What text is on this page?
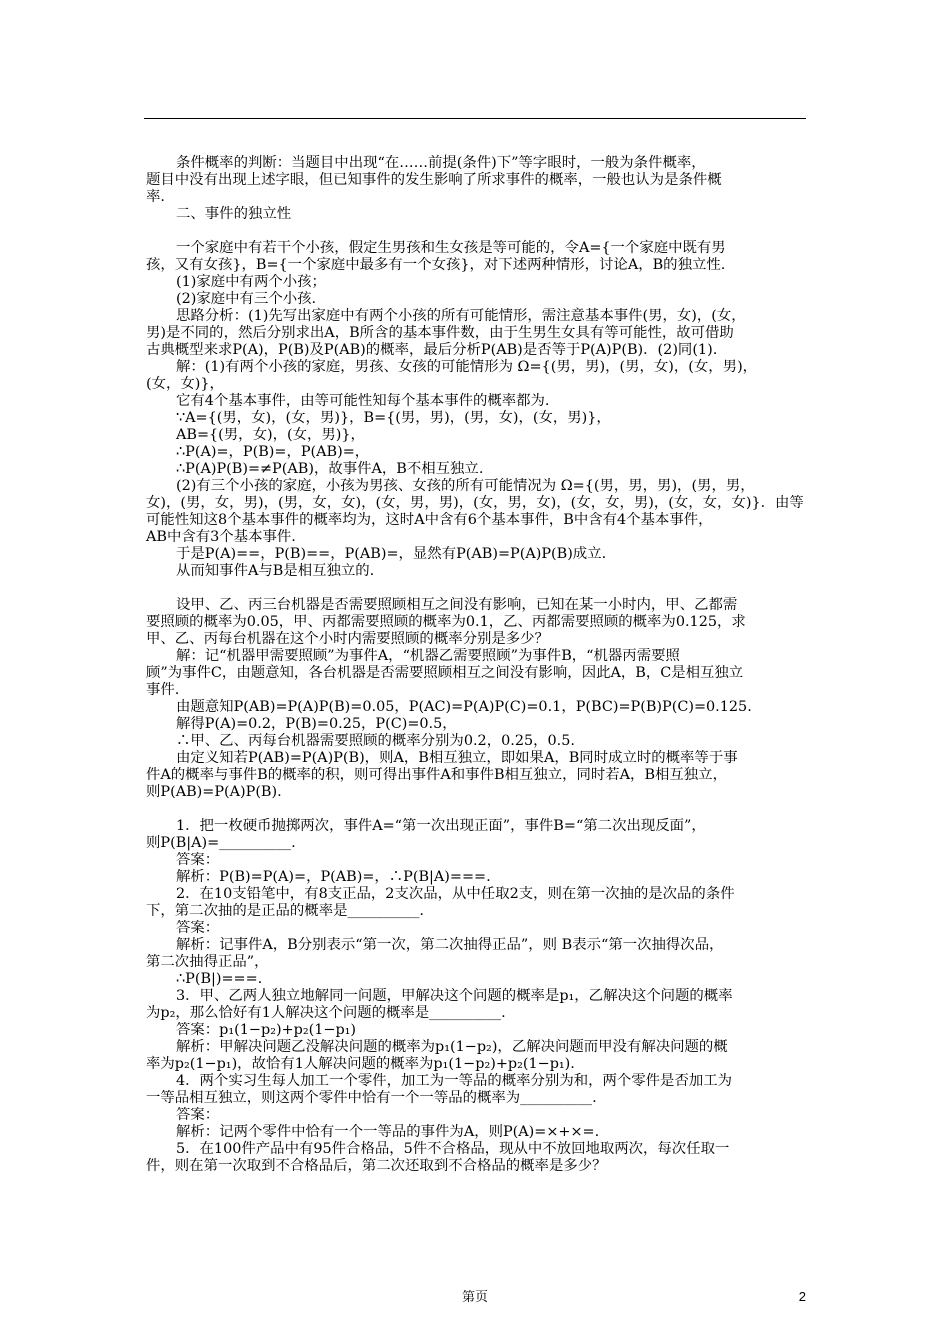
条件概率的判断：当题目中出现“在……前提(条件)下”等字眼时，一般为条件概率，
题目中没有出现上述字眼，但已知事件的发生影响了所求事件的概率，一般也认为是条件概
率.
二、事件的独立性
一个家庭中有若干个小孩，假定生男孩和生女孩是等可能的，令A={一个家庭中既有男
孩，又有女孩}，B={一个家庭中最多有一个女孩}，对下述两种情形，讨论A，B的独立性.
(1)家庭中有两个小孩；
(2)家庭中有三个小孩.
思路分析：(1)先写出家庭中有两个小孩的所有可能情形，需注意基本事件(男，女)，(女，
男)是不同的，然后分别求出A，B所含的基本事件数，由于生男生女具有等可能性，故可借助
古典概型来求P(A)，P(B)及P(AB)的概率，最后分析P(AB)是否等于P(A)P(B)．(2)同(1).
解：(1)有两个小孩的家庭，男孩、女孩的可能情形为 Ω={(男，男)，(男，女)，(女，男)，
(女，女)}，
它有4个基本事件，由等可能性知每个基本事件的概率都为.
∵A={(男，女)，(女，男)}，B={(男，男)，(男，女)，(女，男)}，
AB={(男，女)，(女，男)}，
∴P(A)=，P(B)=，P(AB)=，
∴P(A)P(B)=≠P(AB)，故事件A，B不相互独立.
(2)有三个小孩的家庭，小孩为男孩、女孩的所有可能情况为 Ω={(男，男，男)，(男，男，
女)，(男，女，男)，(男，女，女)，(女，男，男)，(女，男，女)，(女，女，男)，(女，女，女)}．由等
可能性知这8个基本事件的概率均为，这时A中含有6个基本事件，B中含有4个基本事件，
AB中含有3个基本事件.
于是P(A)==，P(B)==，P(AB)=，显然有P(AB)=P(A)P(B)成立.
从而知事件A与B是相互独立的.
设甲、乙、丙三台机器是否需要照顾相互之间没有影响，已知在某一小时内，甲、乙都需
要照顾的概率为0.05，甲、丙都需要照顾的概率为0.1，乙、丙都需要照顾的概率为0.125，求
甲、乙、丙每台机器在这个小时内需要照顾的概率分别是多少？
解：记“机器甲需要照顾”为事件A，“机器乙需要照顾”为事件B，“机器丙需要照
顾”为事件C，由题意知，各台机器是否需要照顾相互之间没有影响，因此A，B，C是相互独立
事件.
由题意知P(AB)=P(A)P(B)=0.05，P(AC)=P(A)P(C)=0.1，P(BC)=P(B)P(C)=0.125.
解得P(A)=0.2，P(B)=0.25，P(C)=0.5，
∴甲、乙、丙每台机器需要照顾的概率分别为0.2，0.25，0.5.
由定义知若P(AB)=P(A)P(B)，则A，B相互独立，即如果A，B同时成立时的概率等于事
件A的概率与事件B的概率的积，则可得出事件A和事件B相互独立，同时若A，B相互独立，
则P(AB)=P(A)P(B).
1．把一枚硬币抛掷两次，事件A=“第一次出现正面”，事件B=“第二次出现反面”，
则P(B|A)=__________.
答案：
解析：P(B)=P(A)=，P(AB)=，∴P(B|A)===.
2．在10支铅笔中，有8支正品，2支次品，从中任取2支，则在第一次抽的是次品的条件
下，第二次抽的是正品的概率是__________.
答案：
解析：记事件A，B分别表示“第一次，第二次抽得正品”，则 B表示“第一次抽得次品，
第二次抽得正品”，
∴P(B|)===.
3．甲、乙两人独立地解同一问题，甲解决这个问题的概率是p₁，乙解决这个问题的概率
为p₂，那么恰好有1人解决这个问题的概率是__________.
答案：p₁(1−p₂)+p₂(1−p₁)
解析：甲解决问题乙没解决问题的概率为p₁(1−p₂)，乙解决问题而甲没有解决问题的概
率为p₂(1−p₁)，故恰有1人解决问题的概率为p₁(1−p₂)+p₂(1−p₁).
4．两个实习生每人加工一个零件，加工为一等品的概率分别为和，两个零件是否加工为
一等品相互独立，则这两个零件中恰有一个一等品的概率为__________.
答案：
解析：记两个零件中恰有一个一等品的事件为A，则P(A)=×+×=.
5．在100件产品中有95件合格品，5件不合格品，现从中不放回地取两次，每次任取一
件，则在第一次取到不合格品后，第二次还取到不合格品的概率是多少？
第页	2
